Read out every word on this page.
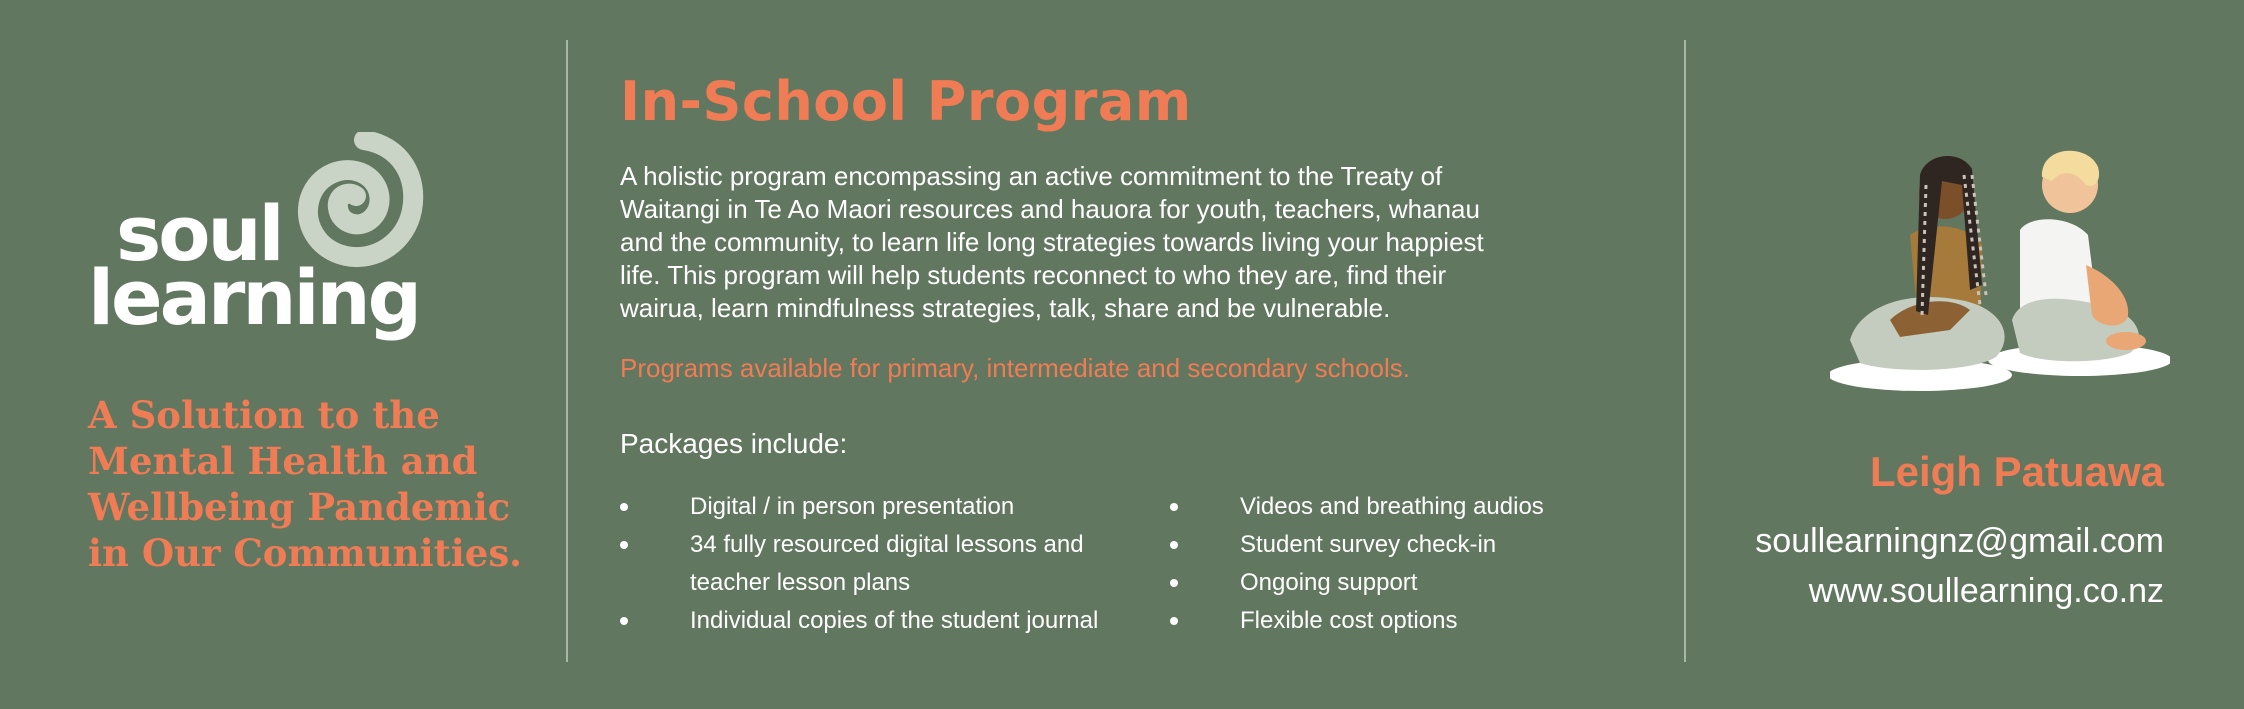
soul
learning
A Solution to the
Mental Health and
Wellbeing Pandemic
in Our Communities.
In-School Program
A holistic program encompassing an active commitment to the Treaty of
Waitangi in Te Ao Maori resources and hauora for youth, teachers, whanau
and the community, to learn life long strategies towards living your happiest
life. This program will help students reconnect to who they are, find their
wairua, learn mindfulness strategies, talk, share and be vulnerable.
Programs available for primary, intermediate and secondary schools.
Packages include:
Digital / in person presentation
34 fully resourced digital lessons and
teacher lesson plans
Individual copies of the student journal
Videos and breathing audios
Student survey check-in
Ongoing support
Flexible cost options
Leigh Patuawa
soullearningnz@gmail.com
www.soullearning.co.nz
